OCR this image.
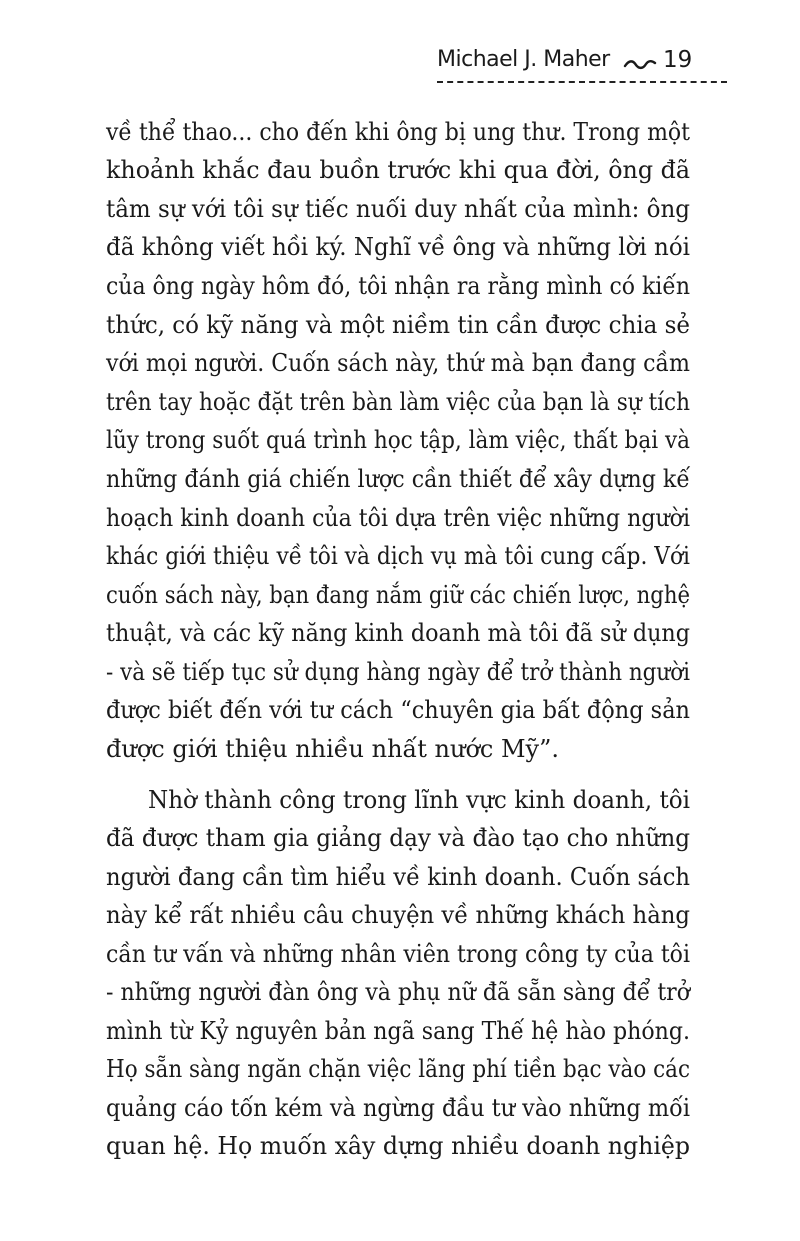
Michael J. Maher 19
về thể thao... cho đến khi ông bị ung thư. Trong một
khoảnh khắc đau buồn trước khi qua đời, ông đã
tâm sự với tôi sự tiếc nuối duy nhất của mình: ông
đã không viết hồi ký. Nghĩ về ông và những lời nói
của ông ngày hôm đó, tôi nhận ra rằng mình có kiến
thức, có kỹ năng và một niềm tin cần được chia sẻ
với mọi người. Cuốn sách này, thứ mà bạn đang cầm
trên tay hoặc đặt trên bàn làm việc của bạn là sự tích
lũy trong suốt quá trình học tập, làm việc, thất bại và
những đánh giá chiến lược cần thiết để xây dựng kế
hoạch kinh doanh của tôi dựa trên việc những người
khác giới thiệu về tôi và dịch vụ mà tôi cung cấp. Với
cuốn sách này, bạn đang nắm giữ các chiến lược, nghệ
thuật, và các kỹ năng kinh doanh mà tôi đã sử dụng
- và sẽ tiếp tục sử dụng hàng ngày để trở thành người
được biết đến với tư cách “chuyên gia bất động sản
được giới thiệu nhiều nhất nước Mỹ”.
Nhờ thành công trong lĩnh vực kinh doanh, tôi
đã được tham gia giảng dạy và đào tạo cho những
người đang cần tìm hiểu về kinh doanh. Cuốn sách
này kể rất nhiều câu chuyện về những khách hàng
cần tư vấn và những nhân viên trong công ty của tôi
- những người đàn ông và phụ nữ đã sẵn sàng để trở
mình từ Kỷ nguyên bản ngã sang Thế hệ hào phóng.
Họ sẵn sàng ngăn chặn việc lãng phí tiền bạc vào các
quảng cáo tốn kém và ngừng đầu tư vào những mối
quan hệ. Họ muốn xây dựng nhiều doanh nghiệp
